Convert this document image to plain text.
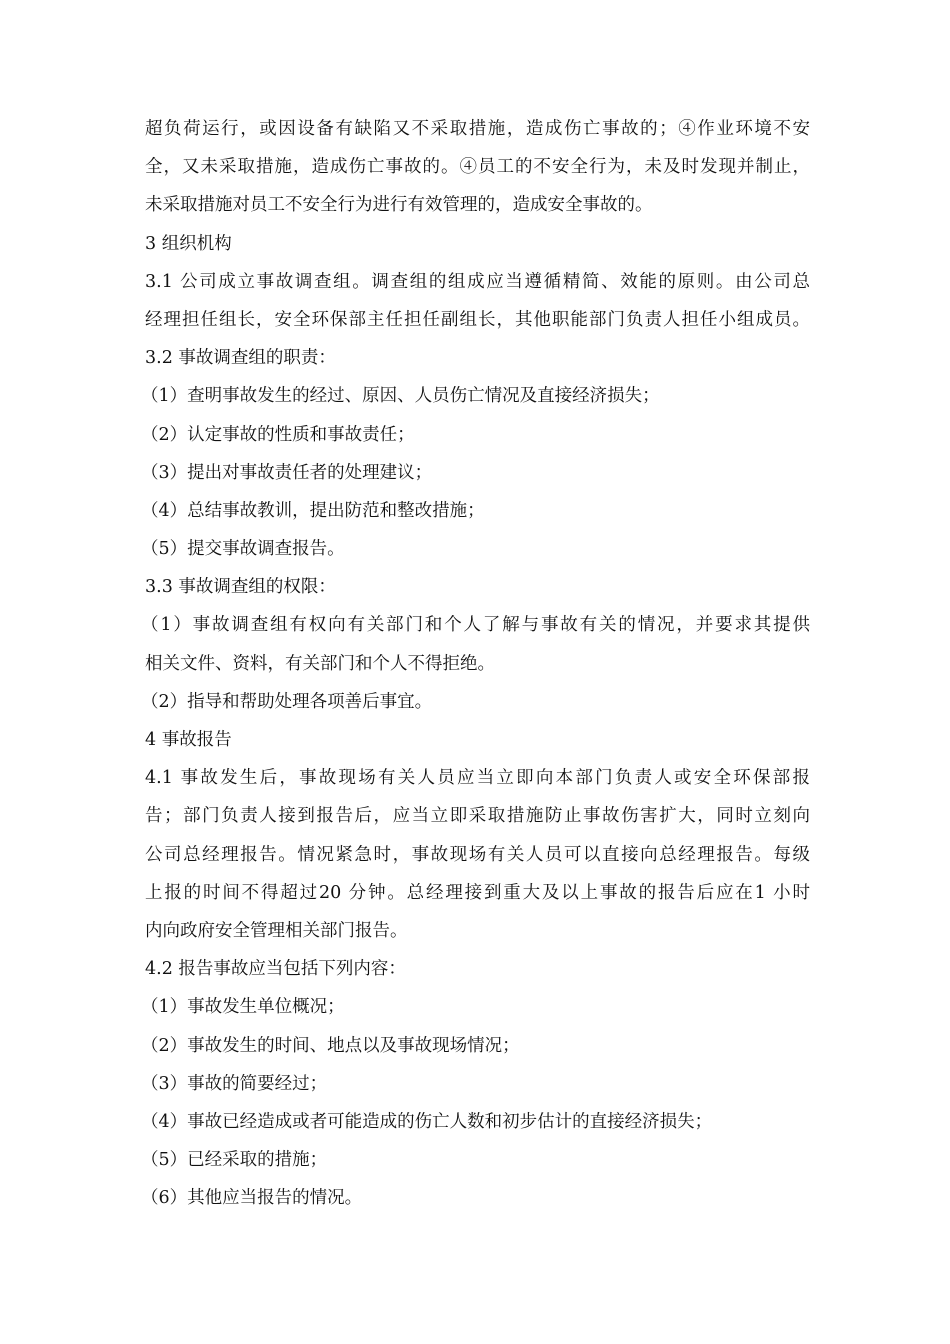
超负荷运行，或因设备有缺陷又不采取措施，造成伤亡事故的；④作业环境不安
全，又未采取措施，造成伤亡事故的。④员工的不安全行为，未及时发现并制止，
未采取措施对员工不安全行为进行有效管理的，造成安全事故的。
3 组织机构
3.1 公司成立事故调查组。调查组的组成应当遵循精简、效能的原则。由公司总
经理担任组长，安全环保部主任担任副组长，其他职能部门负责人担任小组成员。
3.2 事故调查组的职责：
（1）查明事故发生的经过、原因、人员伤亡情况及直接经济损失；
（2）认定事故的性质和事故责任；
（3）提出对事故责任者的处理建议；
（4）总结事故教训，提出防范和整改措施；
（5）提交事故调查报告。
3.3 事故调查组的权限：
（1）事故调查组有权向有关部门和个人了解与事故有关的情况，并要求其提供
相关文件、资料，有关部门和个人不得拒绝。
（2）指导和帮助处理各项善后事宜。
4 事故报告
4.1 事故发生后，事故现场有关人员应当立即向本部门负责人或安全环保部报
告；部门负责人接到报告后，应当立即采取措施防止事故伤害扩大，同时立刻向
公司总经理报告。情况紧急时，事故现场有关人员可以直接向总经理报告。每级
上报的时间不得超过20 分钟。总经理接到重大及以上事故的报告后应在1 小时
内向政府安全管理相关部门报告。
4.2 报告事故应当包括下列内容：
（1）事故发生单位概况；
（2）事故发生的时间、地点以及事故现场情况；
（3）事故的简要经过；
（4）事故已经造成或者可能造成的伤亡人数和初步估计的直接经济损失；
（5）已经采取的措施；
（6）其他应当报告的情况。
